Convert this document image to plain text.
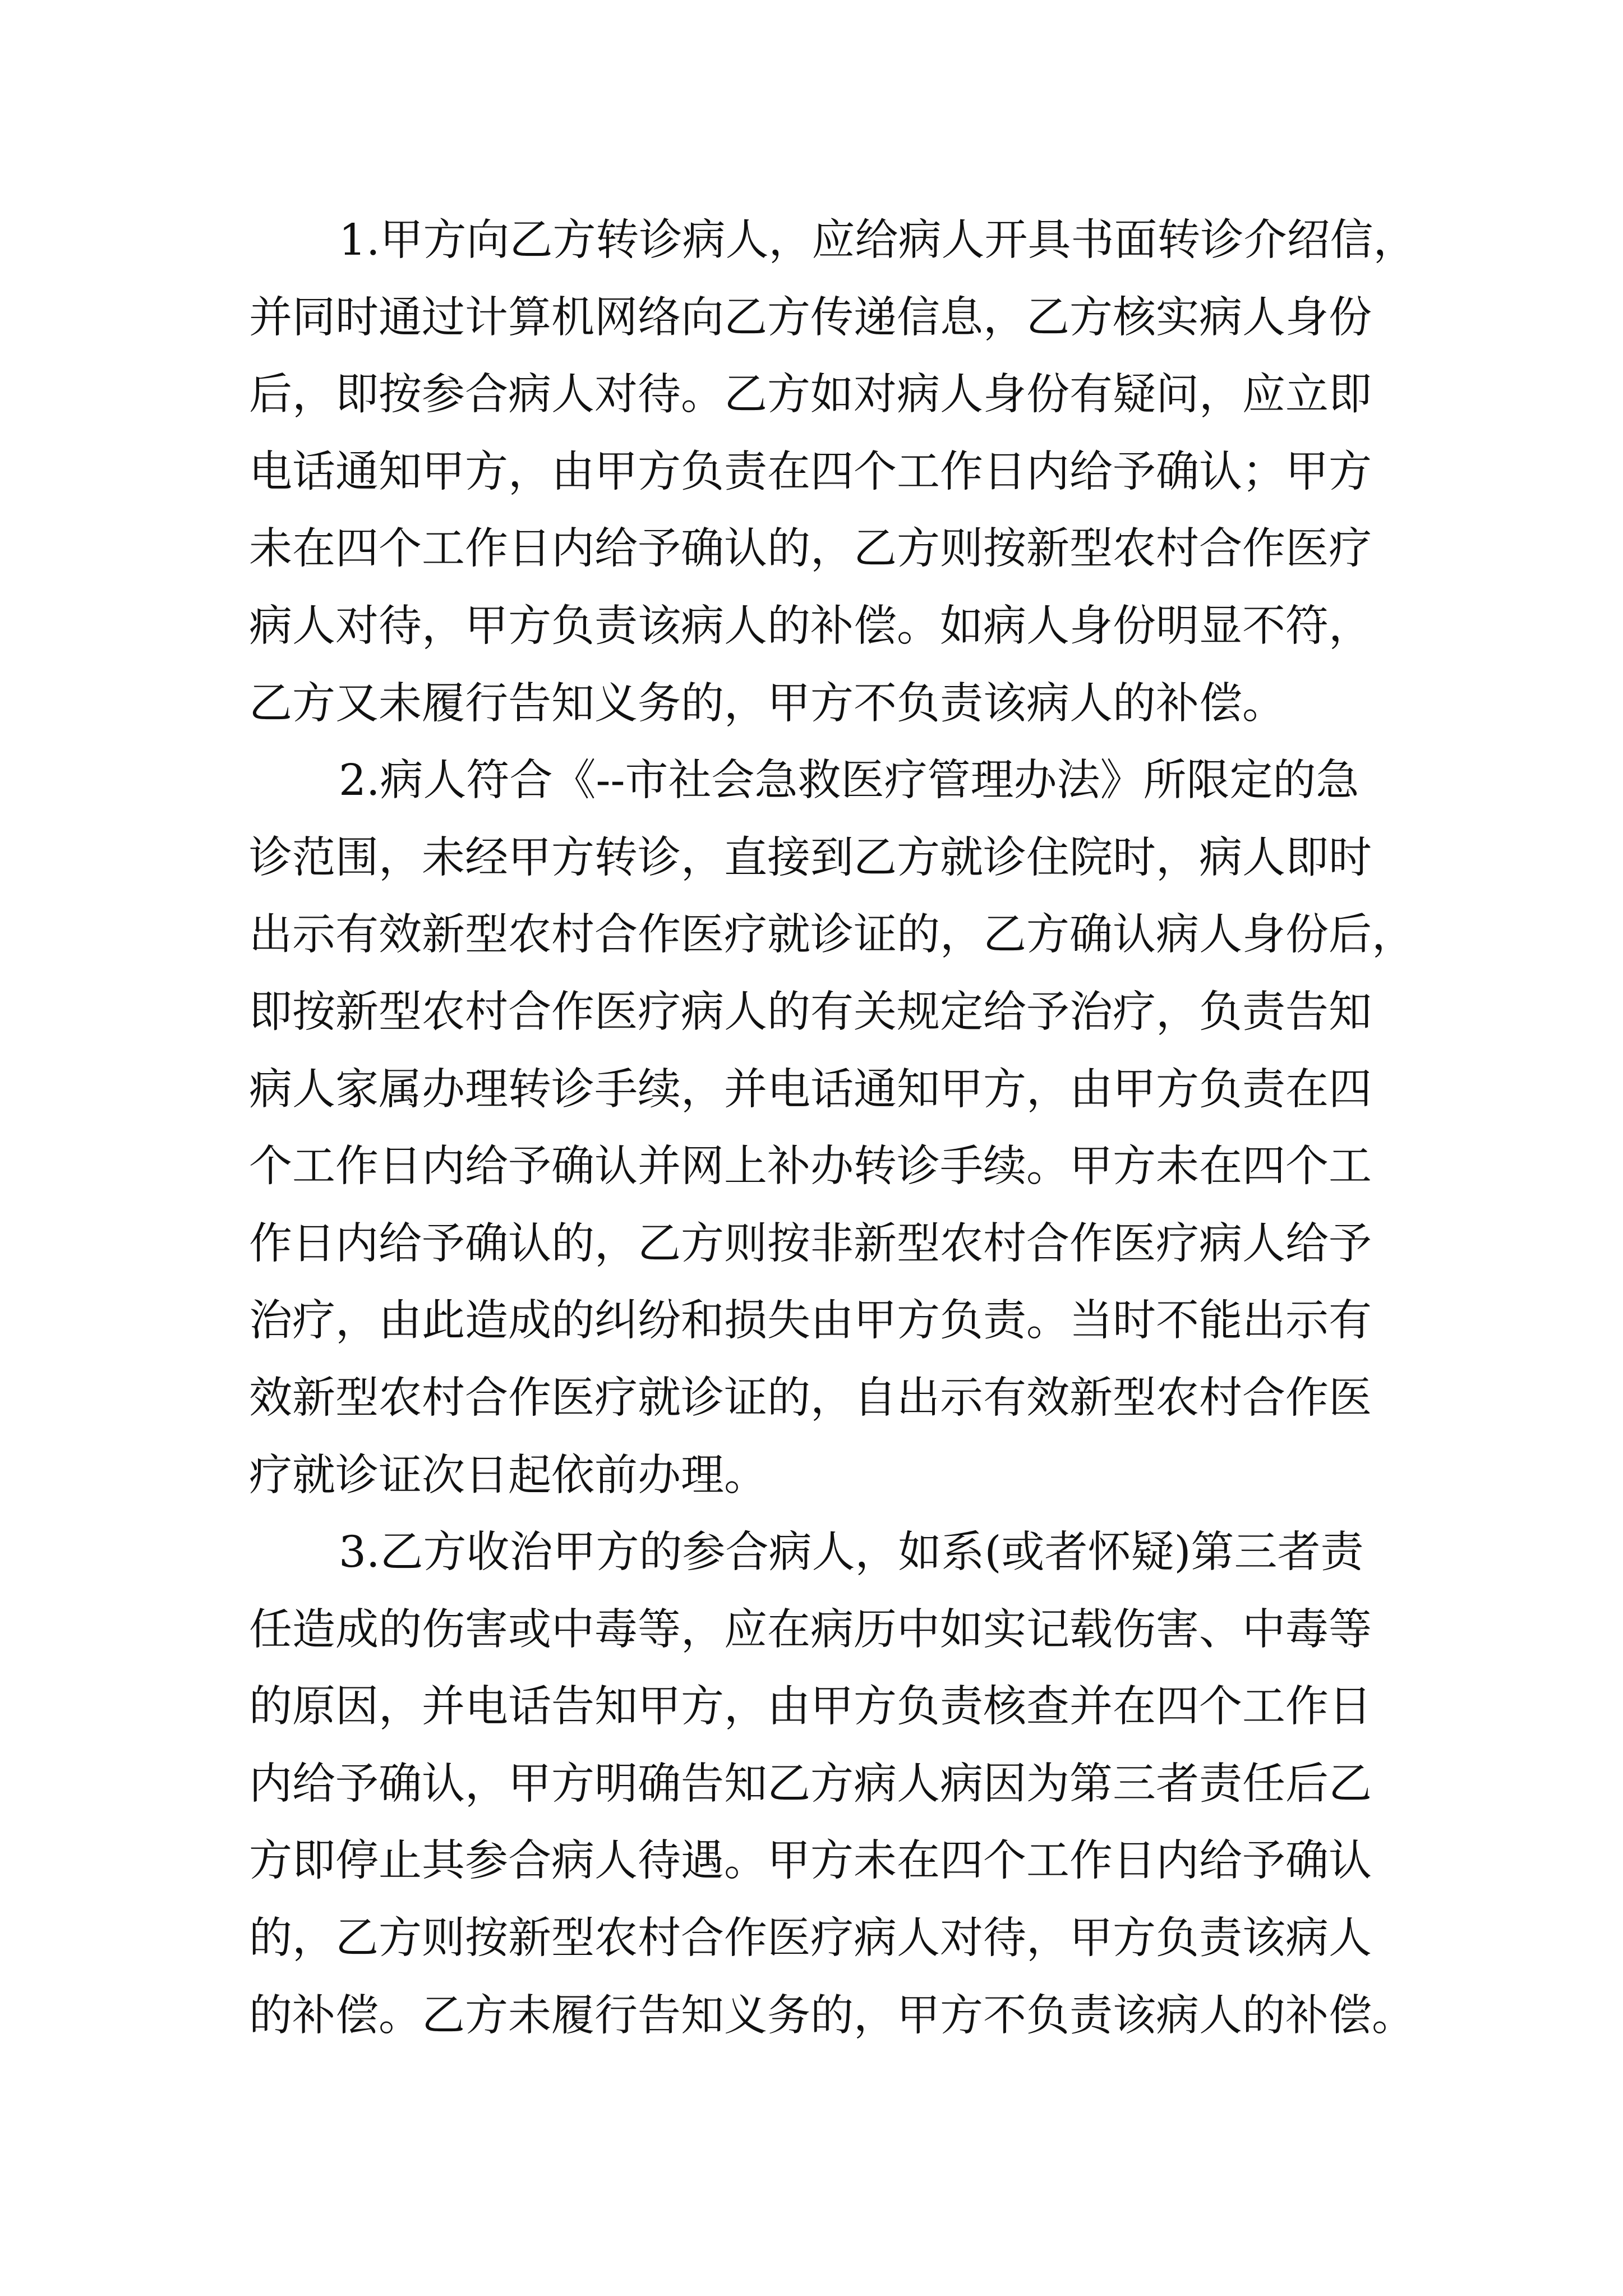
1.甲方向乙方转诊病人，应给病人开具书面转诊介绍信，
并同时通过计算机网络向乙方传递信息，乙方核实病人身份
后，即按参合病人对待。乙方如对病人身份有疑问，应立即
电话通知甲方，由甲方负责在四个工作日内给予确认；甲方
未在四个工作日内给予确认的，乙方则按新型农村合作医疗
病人对待，甲方负责该病人的补偿。如病人身份明显不符，
乙方又未履行告知义务的，甲方不负责该病人的补偿。
2.病人符合《--市社会急救医疗管理办法》所限定的急
诊范围，未经甲方转诊，直接到乙方就诊住院时，病人即时
出示有效新型农村合作医疗就诊证的，乙方确认病人身份后，
即按新型农村合作医疗病人的有关规定给予治疗，负责告知
病人家属办理转诊手续，并电话通知甲方，由甲方负责在四
个工作日内给予确认并网上补办转诊手续。甲方未在四个工
作日内给予确认的，乙方则按非新型农村合作医疗病人给予
治疗，由此造成的纠纷和损失由甲方负责。当时不能出示有
效新型农村合作医疗就诊证的，自出示有效新型农村合作医
疗就诊证次日起依前办理。
3.乙方收治甲方的参合病人，如系(或者怀疑)第三者责
任造成的伤害或中毒等，应在病历中如实记载伤害、中毒等
的原因，并电话告知甲方，由甲方负责核查并在四个工作日
内给予确认，甲方明确告知乙方病人病因为第三者责任后乙
方即停止其参合病人待遇。甲方未在四个工作日内给予确认
的，乙方则按新型农村合作医疗病人对待，甲方负责该病人
的补偿。乙方未履行告知义务的，甲方不负责该病人的补偿。
